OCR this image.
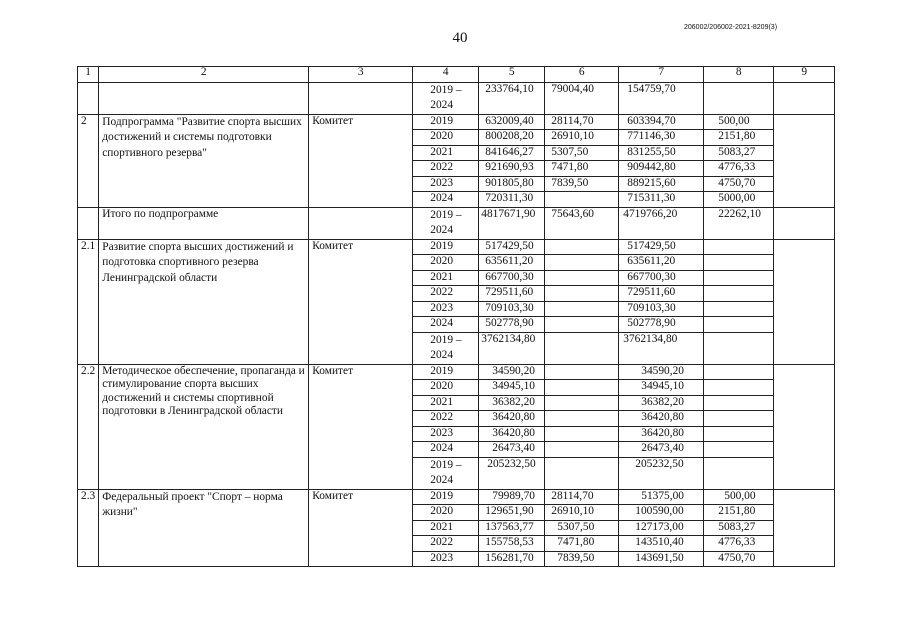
40
206002/206002-2021-8209(3)
1	2	3	4	5	6	7	8	9
			2019 – 2024	233764,10	79004,40	154759,70		
2	Подпрограмма "Развитие спорта высших достижений и системы подготовки спортивного резерва"	Комитет	2019	632009,40	28114,70	603394,70	500,00	
			2020	800208,20	26910,10	771146,30	2151,80	
			2021	841646,27	5307,50	831255,50	5083,27	
			2022	921690,93	7471,80	909442,80	4776,33	
			2023	901805,80	7839,50	889215,60	4750,70	
			2024	720311,30		715311,30	5000,00	
	Итого по подпрограмме		2019 – 2024	4817671,90	75643,60	4719766,20	22262,10	
2.1	Развитие спорта высших достижений и подготовка спортивного резерва Ленинградской области	Комитет	2019	517429,50		517429,50		
			2020	635611,20		635611,20		
			2021	667700,30		667700,30		
			2022	729511,60		729511,60		
			2023	709103,30		709103,30		
			2024	502778,90		502778,90		
			2019 – 2024	3762134,80		3762134,80		
2.2	Методическое обеспечение, пропаганда и стимулирование спорта высших достижений и системы спортивной подготовки в Ленинградской области	Комитет	2019	34590,20		34590,20		
			2020	34945,10		34945,10		
			2021	36382,20		36382,20		
			2022	36420,80		36420,80		
			2023	36420,80		36420,80		
			2024	26473,40		26473,40		
			2019 – 2024	205232,50		205232,50		
2.3	Федеральный проект "Спорт – норма жизни"	Комитет	2019	79989,70	28114,70	51375,00	500,00	
			2020	129651,90	26910,10	100590,00	2151,80	
			2021	137563,77	5307,50	127173,00	5083,27	
			2022	155758,53	7471,80	143510,40	4776,33	
			2023	156281,70	7839,50	143691,50	4750,70	
